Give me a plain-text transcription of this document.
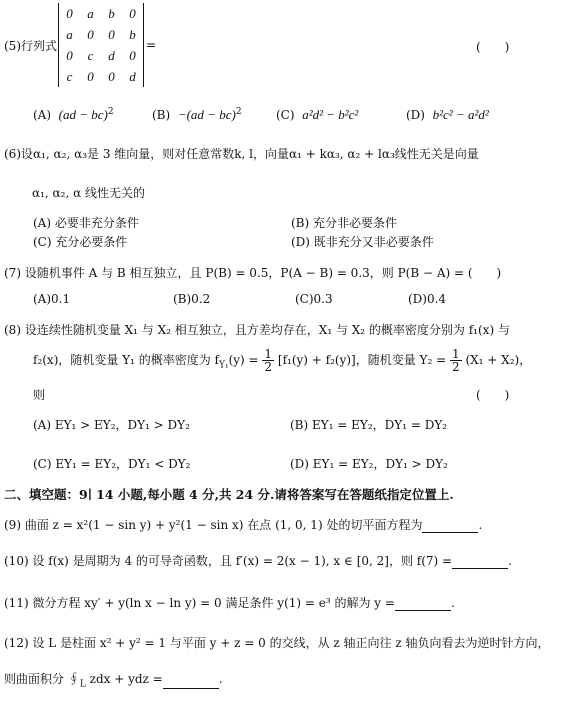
(5)行列式
0	a	b	0
a	0	0	b
0	c	d	0
c	0	0	d
=	(　　)
(A) (ad − bc)$^2$	(B) −(ad − bc)$^2$	(C) a²d² − b²c²	(D) b²c² − a²d²
(6)设α₁, α₂, α₃是 3 维向量，则对任意常数k, l，向量α₁ + kα₃, α₂ + lα₃线性无关是向量
α₁, α₂, α 线性无关的
(A) 必要非充分条件	(B) 充分非必要条件
(C) 充分必要条件	(D) 既非充分又非必要条件
(7) 设随机事件 A 与 B 相互独立，且 P(B) = 0.5，P(A − B) = 0.3，则 P(B − A) = (　　)
(A)0.1	(B)0.2	(C)0.3	(D)0.4
(8) 设连续性随机变量 X₁ 与 X₂ 相互独立，且方差均存在，X₁ 与 X₂ 的概率密度分别为 f₁(x) 与
f₂(x)，随机变量 Y₁ 的概率密度为 $f_{Y_1}(y) = \frac{1}{2} [f_1(y) + f_2(y)]$，随机变量 $Y_2 = \frac{1}{2} (X_1 + X_2)$，
则	(　　)
(A) EY₁ > EY₂，DY₁ > DY₂	(B) EY₁ = EY₂，DY₁ = DY₂
(C) EY₁ = EY₂，DY₁ < DY₂	(D) EY₁ = EY₂，DY₁ > DY₂
二、填空题：9∣ 14 小题,每小题 4 分,共 24 分.请将答案写在答题纸指定位置上.
(9) 曲面 z = x²(1 − sin y) + y²(1 − sin x) 在点 (1, 0, 1) 处的切平面方程为	.
(10) 设 f(x) 是周期为 4 的可导奇函数，且 f′(x) = 2(x − 1), x ∈ [0, 2]，则 f(7) =	.
(11) 微分方程 xy′ + y(ln x − ln y) = 0 满足条件 y(1) = e³ 的解为 y =	.
(12) 设 L 是柱面 x² + y² = 1 与平面 y + z = 0 的交线，从 z 轴正向往 z 轴负向看去为逆时针方向，
则曲面积分 $∮_L$ zdx + ydz =	.
